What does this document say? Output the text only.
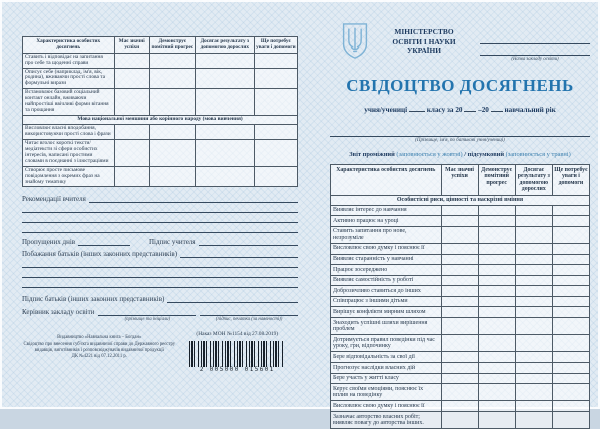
Характеристика особистих досягнень	Має значні успіхи	Демонструє помітний прогрес	Досягає результату з допомогою дорослих	Ще потребує уваги і допомоги
Ставить і відповідає на запитання про себе та щоденні справи				
Описує себе (наприклад, ім'я, вік, родина), вживаючи прості слова та формульні вирази				
Встановлює базовий соціальний контакт онлайн, вживаючи найпростіші ввічливі форми вітання та прощання				
Мова національної меншини або корінного народу (мова вивчення)				
Висловлює власні вподобання, використовуючи прості слова і фрази				
Читає вголос короткі тексти/ медіатексти зі сфери особистих інтересів, написані простими словами в поєднанні з ілюстраціями				
Створює просте письмове повідомлення з окремих фраз на знайому тематику				
Рекомендації вчителя
Пропущених днів	Підпис учителя
Побажання батьків (інших законних представників)
Підпис батьків (інших законних представників)
Керівник закладу освіти
(прізвище та ініціали)	(підпис, печатка (за наявності))
Видавництво «Навчальна книга – Богдан»
Свідоцтво про внесення суб'єкта видавничої справи до Державного реєстру
видавців, виготівників і розповсюджувачів видавничої продукції
ДК №4221 від 07.12.2011 р.
(Наказ МОН №1154 від 27.08.2019)
2 005000 015601
МІНІСТЕРСТВО
ОСВІТИ І НАУКИ
УКРАЇНИ
(Назва закладу освіти)
СВІДОЦТВО ДОСЯГНЕНЬ
учня/учениці	класу за 20 –20 навчальний рік
(Прізвище, ім'я, по батькові учня/учениці)
Звіт проміжний (заповнюється у жовтні) / підсумковий (заповнюється у травні)
Характеристика особистих досягнень	Має значні успіхи	Демонструє помітний прогрес	Досягає результату з допомогою дорослих	Ще потребує уваги і допомоги
Особистісні риси, цінності та наскрізні вміння				
Виявляє інтерес до навчання				
Активно працює на уроці				
Ставить запитання про нове, незрозуміле				
Висловлює свою думку і пояснює її				
Виявляє старанність у навчанні				
Працює зосереджено				
Виявляє самостійність у роботі				
Доброзичливо ставиться до інших				
Співпрацює з іншими дітьми				
Вирішує конфлікти мирним шляхом				
Знаходить успішні шляхи вирішення проблем				
Дотримується правил поведінки під час уроку, гри, відпочинку				
Бере відповідальність за свої дії				
Прогнозує наслідки власних дій				
Бере участь у житті класу				
Керує своїми емоціями, пояснює їх вплив на поведінку				
Висловлює свою думку і пояснює її				
Зазначає авторство власних робіт; виявляє повагу до авторства інших.				
